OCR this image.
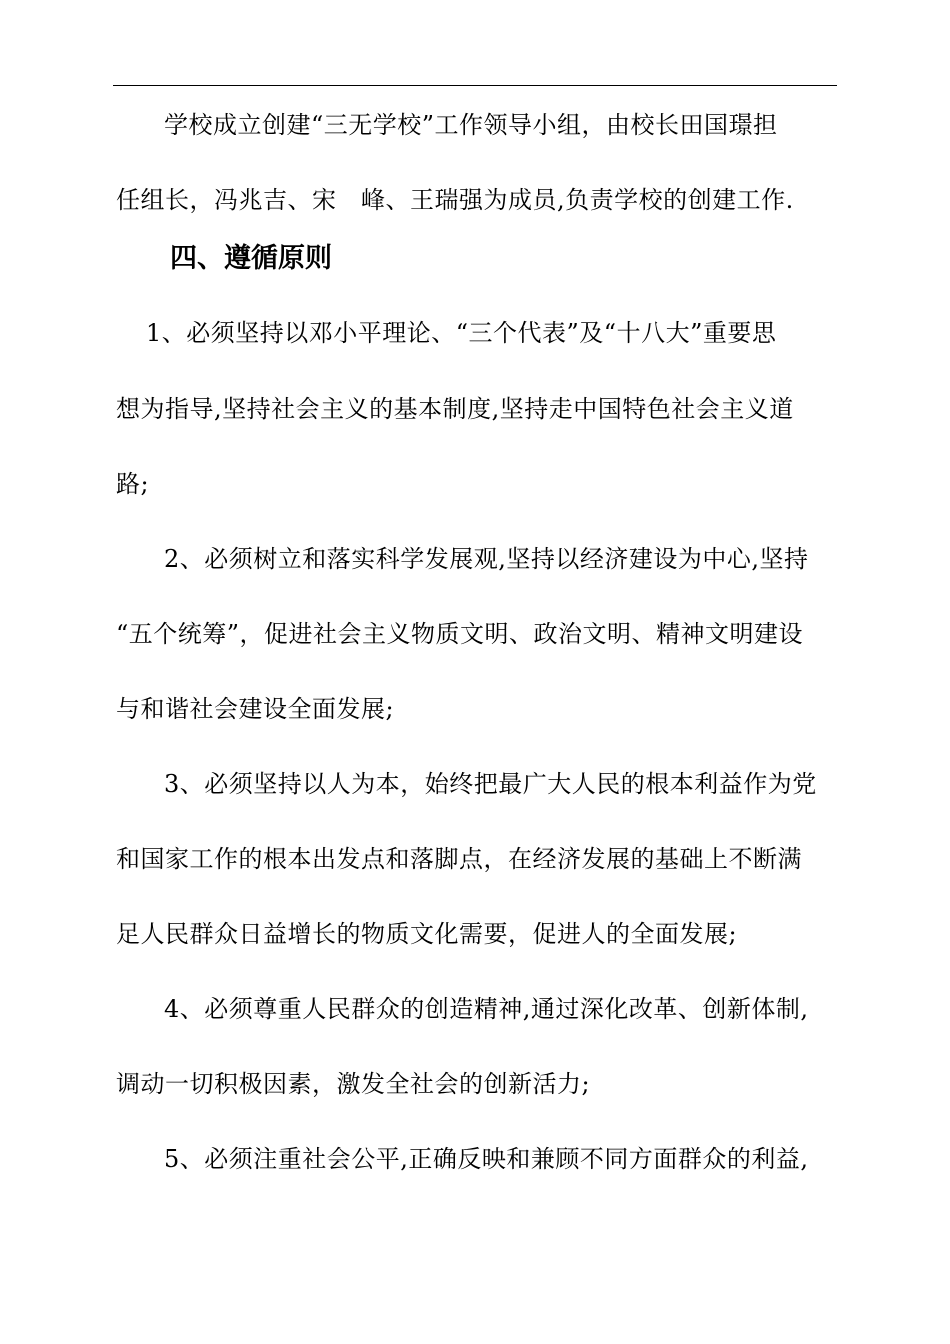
学校成立创建“三无学校”工作领导小组，由校长田国璟担
任组长，冯兆吉、宋　峰、王瑞强为成员,负责学校的创建工作.
四、遵循原则
1、必须坚持以邓小平理论、“三个代表”及“十八大”重要思
想为指导,坚持社会主义的基本制度,坚持走中国特色社会主义道
路;
2、必须树立和落实科学发展观,坚持以经济建设为中心,坚持
“五个统筹”，促进社会主义物质文明、政治文明、精神文明建设
与和谐社会建设全面发展;
3、必须坚持以人为本，始终把最广大人民的根本利益作为党
和国家工作的根本出发点和落脚点，在经济发展的基础上不断满
足人民群众日益增长的物质文化需要，促进人的全面发展;
4、必须尊重人民群众的创造精神,通过深化改革、创新体制,
调动一切积极因素，激发全社会的创新活力;
5、必须注重社会公平,正确反映和兼顾不同方面群众的利益,
